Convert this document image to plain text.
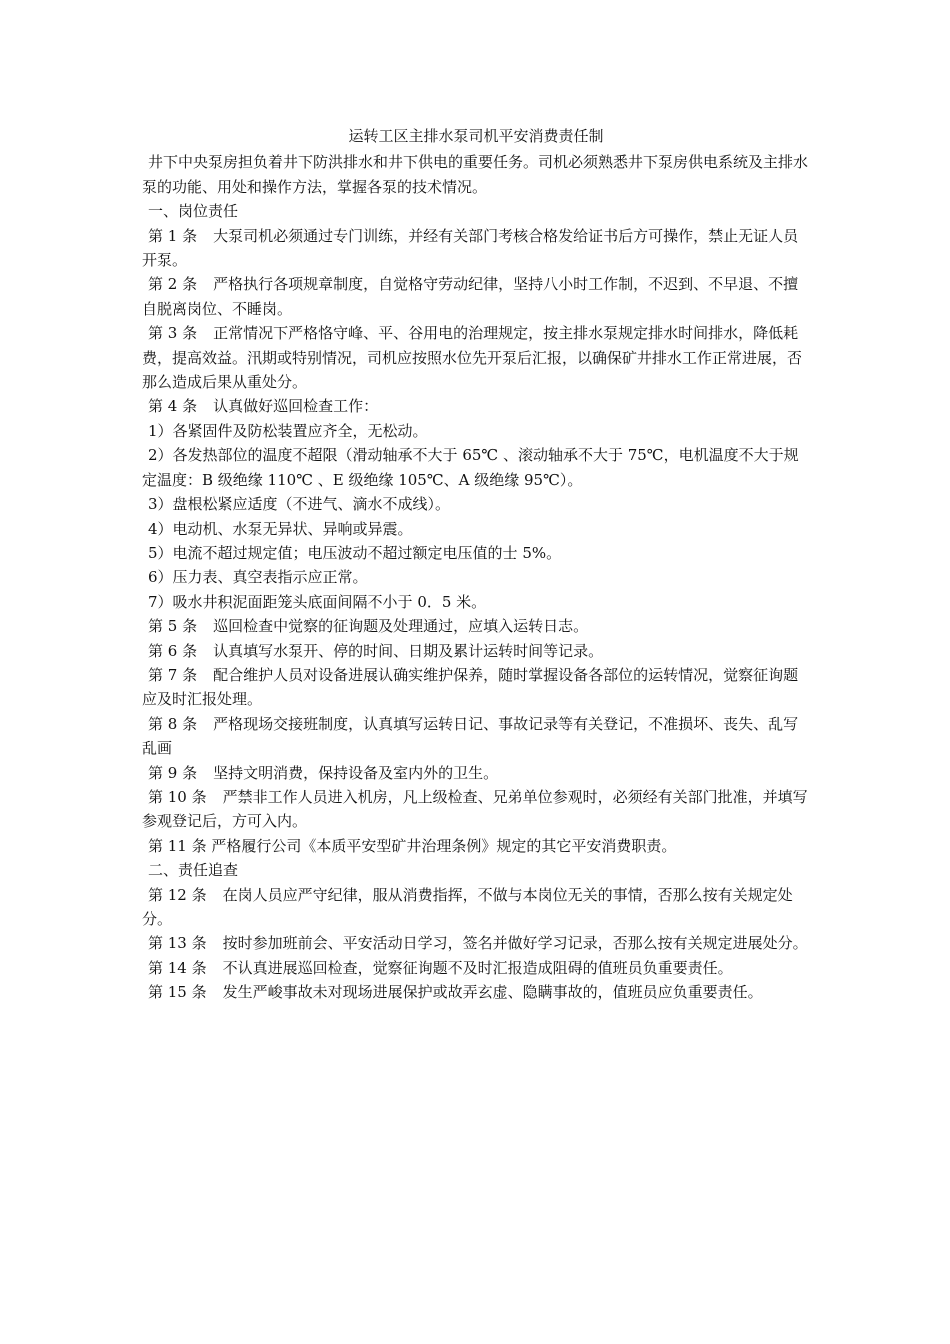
运转工区主排水泵司机平安消费责任制

井下中央泵房担负着井下防洪排水和井下供电的重要任务。司机必须熟悉井下泵房供电系统及主排水泵的功能、用处和操作方法，掌握各泵的技术情况。

一、岗位责任

第 1 条 大泵司机必须通过专门训练，并经有关部门考核合格发给证书后方可操作，禁止无证人员开泵。

第 2 条 严格执行各项规章制度，自觉格守劳动纪律，坚持八小时工作制，不迟到、不早退、不擅自脱离岗位、不睡岗。

第 3 条 正常情况下严格恪守峰、平、谷用电的治理规定，按主排水泵规定排水时间排水，降低耗费，提高效益。汛期或特别情况，司机应按照水位先开泵后汇报，以确保矿井排水工作正常进展，否那么造成后果从重处分。

第 4 条 认真做好巡回检查工作：

1）各紧固件及防松装置应齐全，无松动。

2）各发热部位的温度不超限（滑动轴承不大于 65℃ 、滚动轴承不大于 75℃，电机温度不大于规定温度：B 级绝缘 110℃ 、E 级绝缘 105℃、A 级绝缘 95℃）。

3）盘根松紧应适度（不进气、滴水不成线）。

4）电动机、水泵无异状、异响或异震。

5）电流不超过规定值；电压波动不超过额定电压值的士 5%。

6）压力表、真空表指示应正常。

7）吸水井积泥面距笼头底面间隔不小于 0．5 米。

第 5 条 巡回检查中觉察的征询题及处理通过，应填入运转日志。

第 6 条 认真填写水泵开、停的时间、日期及累计运转时间等记录。

第 7 条 配合维护人员对设备进展认确实维护保养，随时掌握设备各部位的运转情况，觉察征询题应及时汇报处理。

第 8 条 严格现场交接班制度，认真填写运转日记、事故记录等有关登记，不准损坏、丧失、乱写乱画

第 9 条 坚持文明消费，保持设备及室内外的卫生。

第 10 条 严禁非工作人员进入机房，凡上级检查、兄弟单位参观时，必须经有关部门批准，并填写参观登记后，方可入内。

第 11 条 严格履行公司《本质平安型矿井治理条例》规定的其它平安消费职责。

二、责任追查

第 12 条 在岗人员应严守纪律，服从消费指挥，不做与本岗位无关的事情，否那么按有关规定处分。

第 13 条 按时参加班前会、平安活动日学习，签名并做好学习记录，否那么按有关规定进展处分。

第 14 条 不认真进展巡回检查，觉察征询题不及时汇报造成阻碍的值班员负重要责任。

第 15 条 发生严峻事故未对现场进展保护或故弄玄虚、隐瞒事故的，值班员应负重要责任。
